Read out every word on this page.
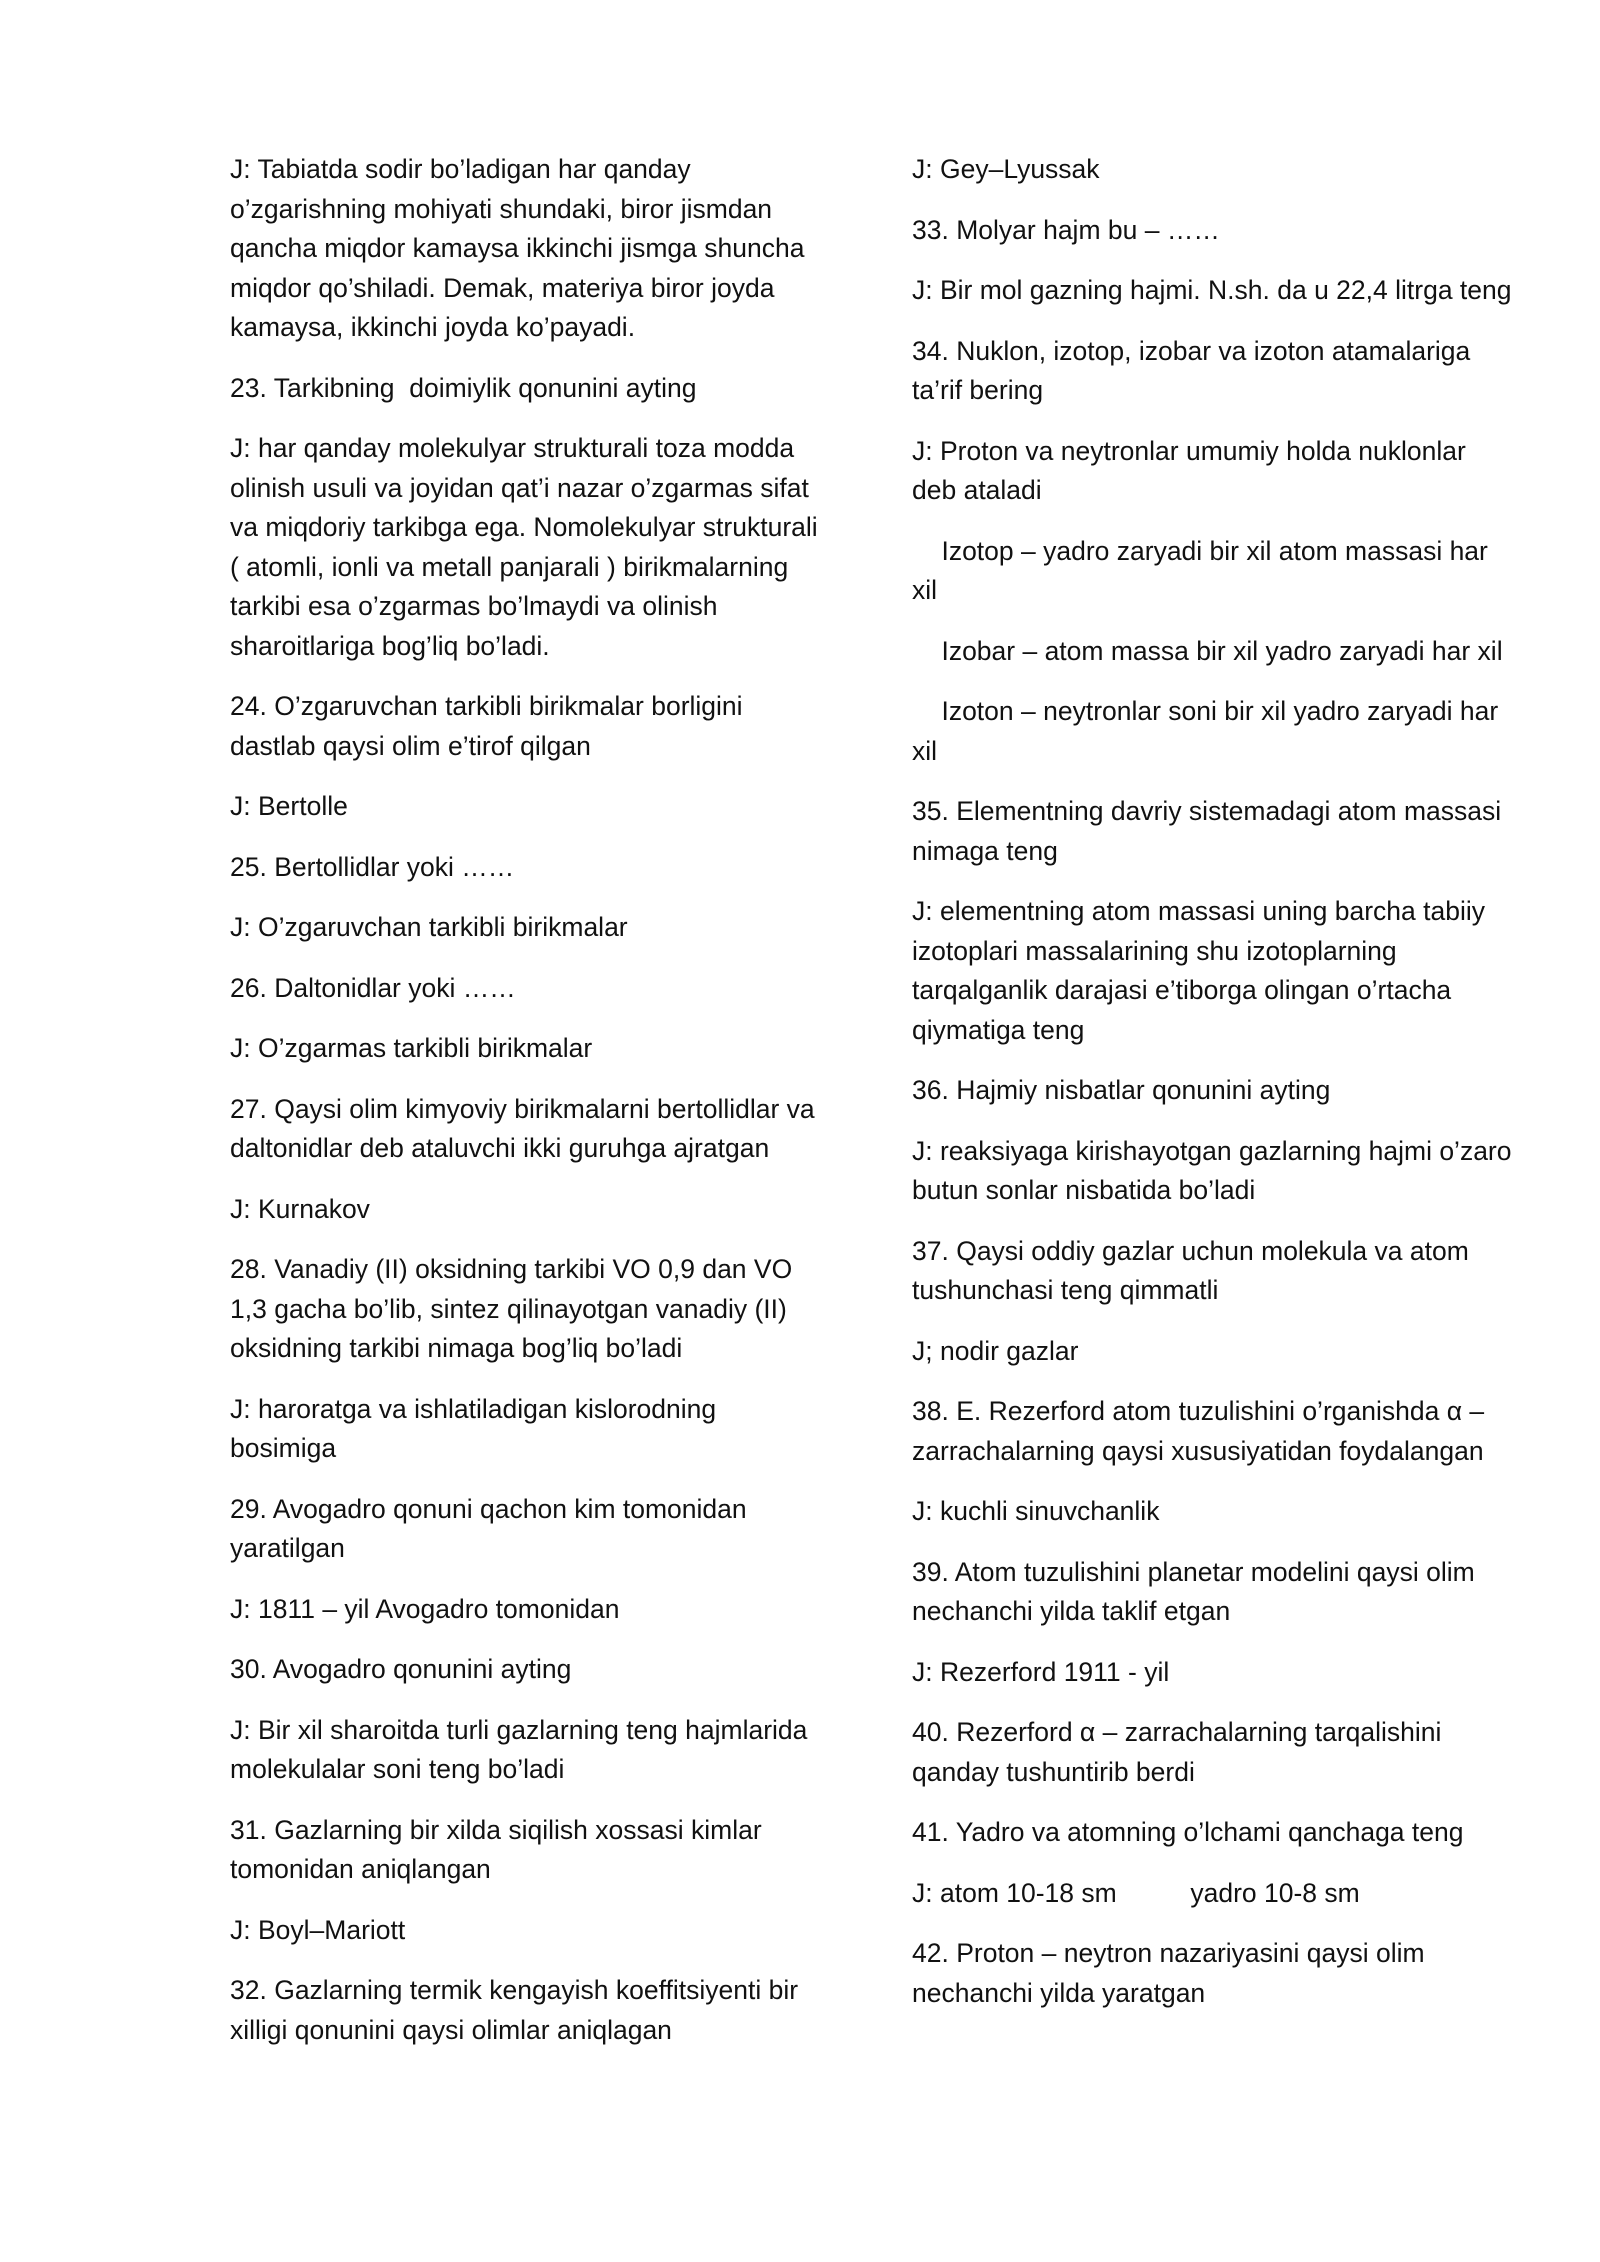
J: Tabiatda sodir bo’ladigan har qanday o’zgarishning mohiyati shundaki, biror jismdan qancha miqdor kamaysa ikkinchi jismga shuncha miqdor qo’shiladi. Demak, materiya biror joyda kamaysa, ikkinchi joyda ko’payadi.

23. Tarkibning  doimiylik qonunini ayting

J: har qanday molekulyar strukturali toza modda olinish usuli va joyidan qat’i nazar o’zgarmas sifat va miqdoriy tarkibga ega. Nomolekulyar strukturali ( atomli, ionli va metall panjarali ) birikmalarning tarkibi esa o’zgarmas bo’lmaydi va olinish sharoitlariga bog’liq bo’ladi.

24. O’zgaruvchan tarkibli birikmalar borligini dastlab qaysi olim e’tirof qilgan

J: Bertolle

25. Bertollidlar yoki ……

J: O’zgaruvchan tarkibli birikmalar

26. Daltonidlar yoki ……

J: O’zgarmas tarkibli birikmalar

27. Qaysi olim kimyoviy birikmalarni bertollidlar va daltonidlar deb ataluvchi ikki guruhga ajratgan

J: Kurnakov

28. Vanadiy (II) oksidning tarkibi VO 0,9 dan VO 1,3 gacha bo’lib, sintez qilinayotgan vanadiy (II) oksidning tarkibi nimaga bog’liq bo’ladi

J: haroratga va ishlatiladigan kislorodning bosimiga

29. Avogadro qonuni qachon kim tomonidan yaratilgan

J: 1811 – yil Avogadro tomonidan

30. Avogadro qonunini ayting

J: Bir xil sharoitda turli gazlarning teng hajmlarida molekulalar soni teng bo’ladi

31. Gazlarning bir xilda siqilish xossasi kimlar tomonidan aniqlangan

J: Boyl–Mariott

32. Gazlarning termik kengayish koeffitsiyenti bir xilligi qonunini qaysi olimlar aniqlagan

J: Gey–Lyussak

33. Molyar hajm bu – ……

J: Bir mol gazning hajmi. N.sh. da u 22,4 litrga teng

34. Nuklon, izotop, izobar va izoton atamalariga ta’rif bering

J: Proton va neytronlar umumiy holda nuklonlar deb ataladi

Izotop – yadro zaryadi bir xil atom massasi har xil

Izobar – atom massa bir xil yadro zaryadi har xil

Izoton – neytronlar soni bir xil yadro zaryadi har xil

35. Elementning davriy sistemadagi atom massasi nimaga teng

J: elementning atom massasi uning barcha tabiiy izotoplari massalarining shu izotoplarning tarqalganlik darajasi e’tiborga olingan o’rtacha qiymatiga teng

36. Hajmiy nisbatlar qonunini ayting

J: reaksiyaga kirishayotgan gazlarning hajmi o’zaro butun sonlar nisbatida bo’ladi

37. Qaysi oddiy gazlar uchun molekula va atom tushunchasi teng qimmatli

J; nodir gazlar

38. E. Rezerford atom tuzulishini o’rganishda α – zarrachalarning qaysi xususiyatidan foydalangan

J: kuchli sinuvchanlik

39. Atom tuzulishini planetar modelini qaysi olim nechanchi yilda taklif etgan

J: Rezerford 1911 - yil

40. Rezerford α – zarrachalarning tarqalishini qanday tushuntirib berdi

41. Yadro va atomning o’lchami qanchaga teng

J: atom 10-18 sm          yadro 10-8 sm

42. Proton – neytron nazariyasini qaysi olim nechanchi yilda yaratgan
